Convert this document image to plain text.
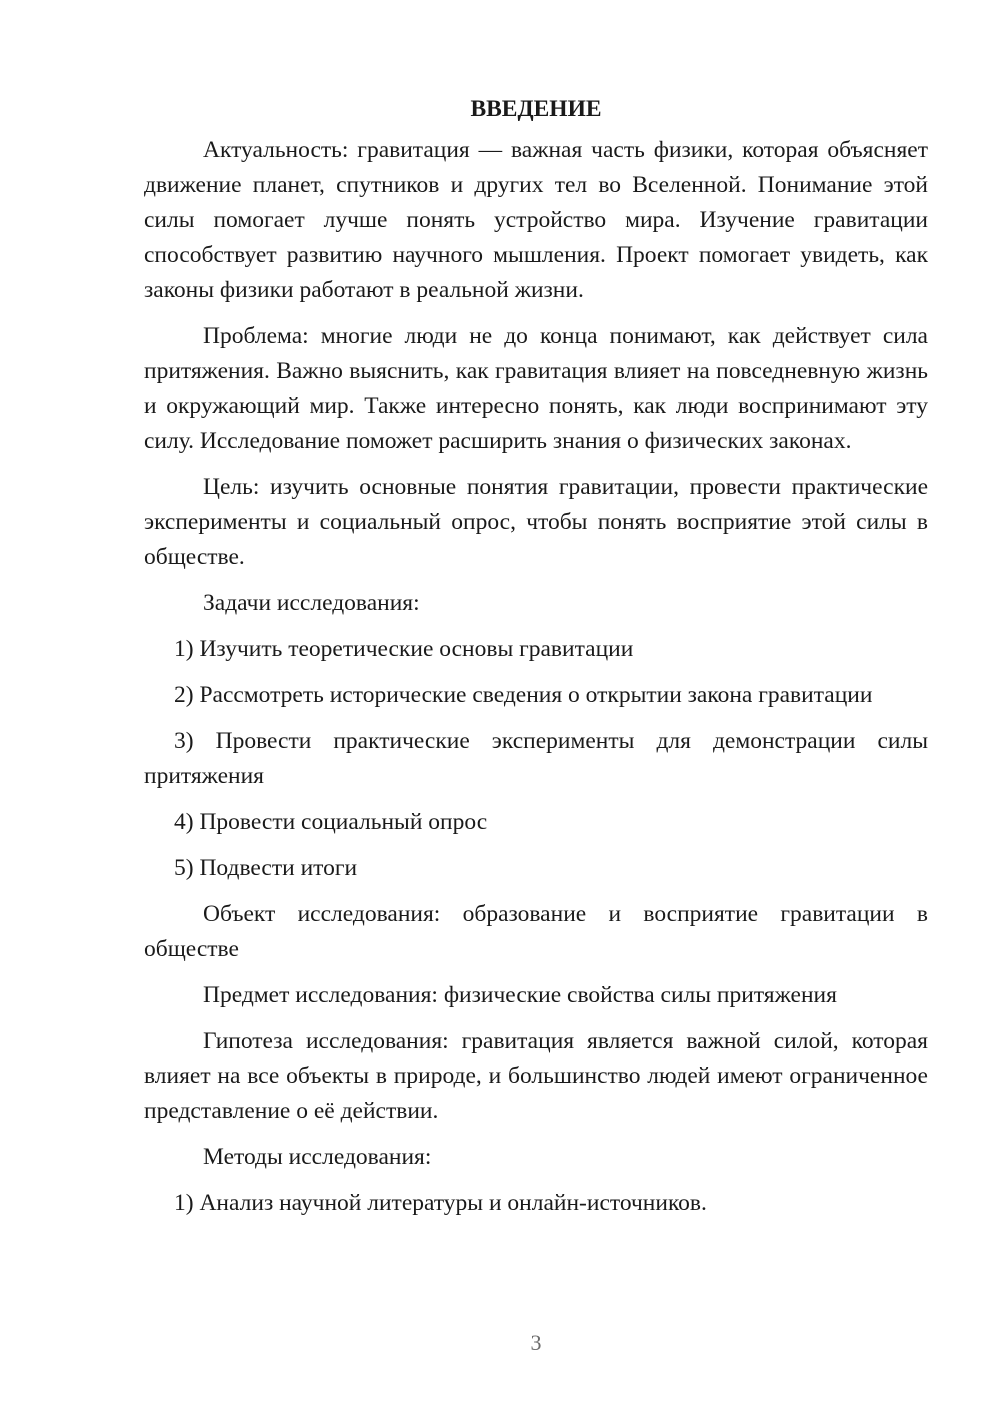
ВВЕДЕНИЕ

Актуальность: гравитация — важная часть физики, которая объясняет движение планет, спутников и других тел во Вселенной. Понимание этой силы помогает лучше понять устройство мира. Изучение гравитации способствует развитию научного мышления. Проект помогает увидеть, как законы физики работают в реальной жизни.

Проблема: многие люди не до конца понимают, как действует сила притяжения. Важно выяснить, как гравитация влияет на повседневную жизнь и окружающий мир. Также интересно понять, как люди воспринимают эту силу. Исследование поможет расширить знания о физических законах.

Цель: изучить основные понятия гравитации, провести практические эксперименты и социальный опрос, чтобы понять восприятие этой силы в обществе.

Задачи исследования:

1) Изучить теоретические основы гравитации

2) Рассмотреть исторические сведения о открытии закона гравитации

3) Провести практические эксперименты для демонстрации силы притяжения

4) Провести социальный опрос

5) Подвести итоги

Объект исследования: образование и восприятие гравитации в обществе

Предмет исследования: физические свойства силы притяжения

Гипотеза исследования: гравитация является важной силой, которая влияет на все объекты в природе, и большинство людей имеют ограниченное представление о её действии.

Методы исследования:

1) Анализ научной литературы и онлайн-источников.

3
